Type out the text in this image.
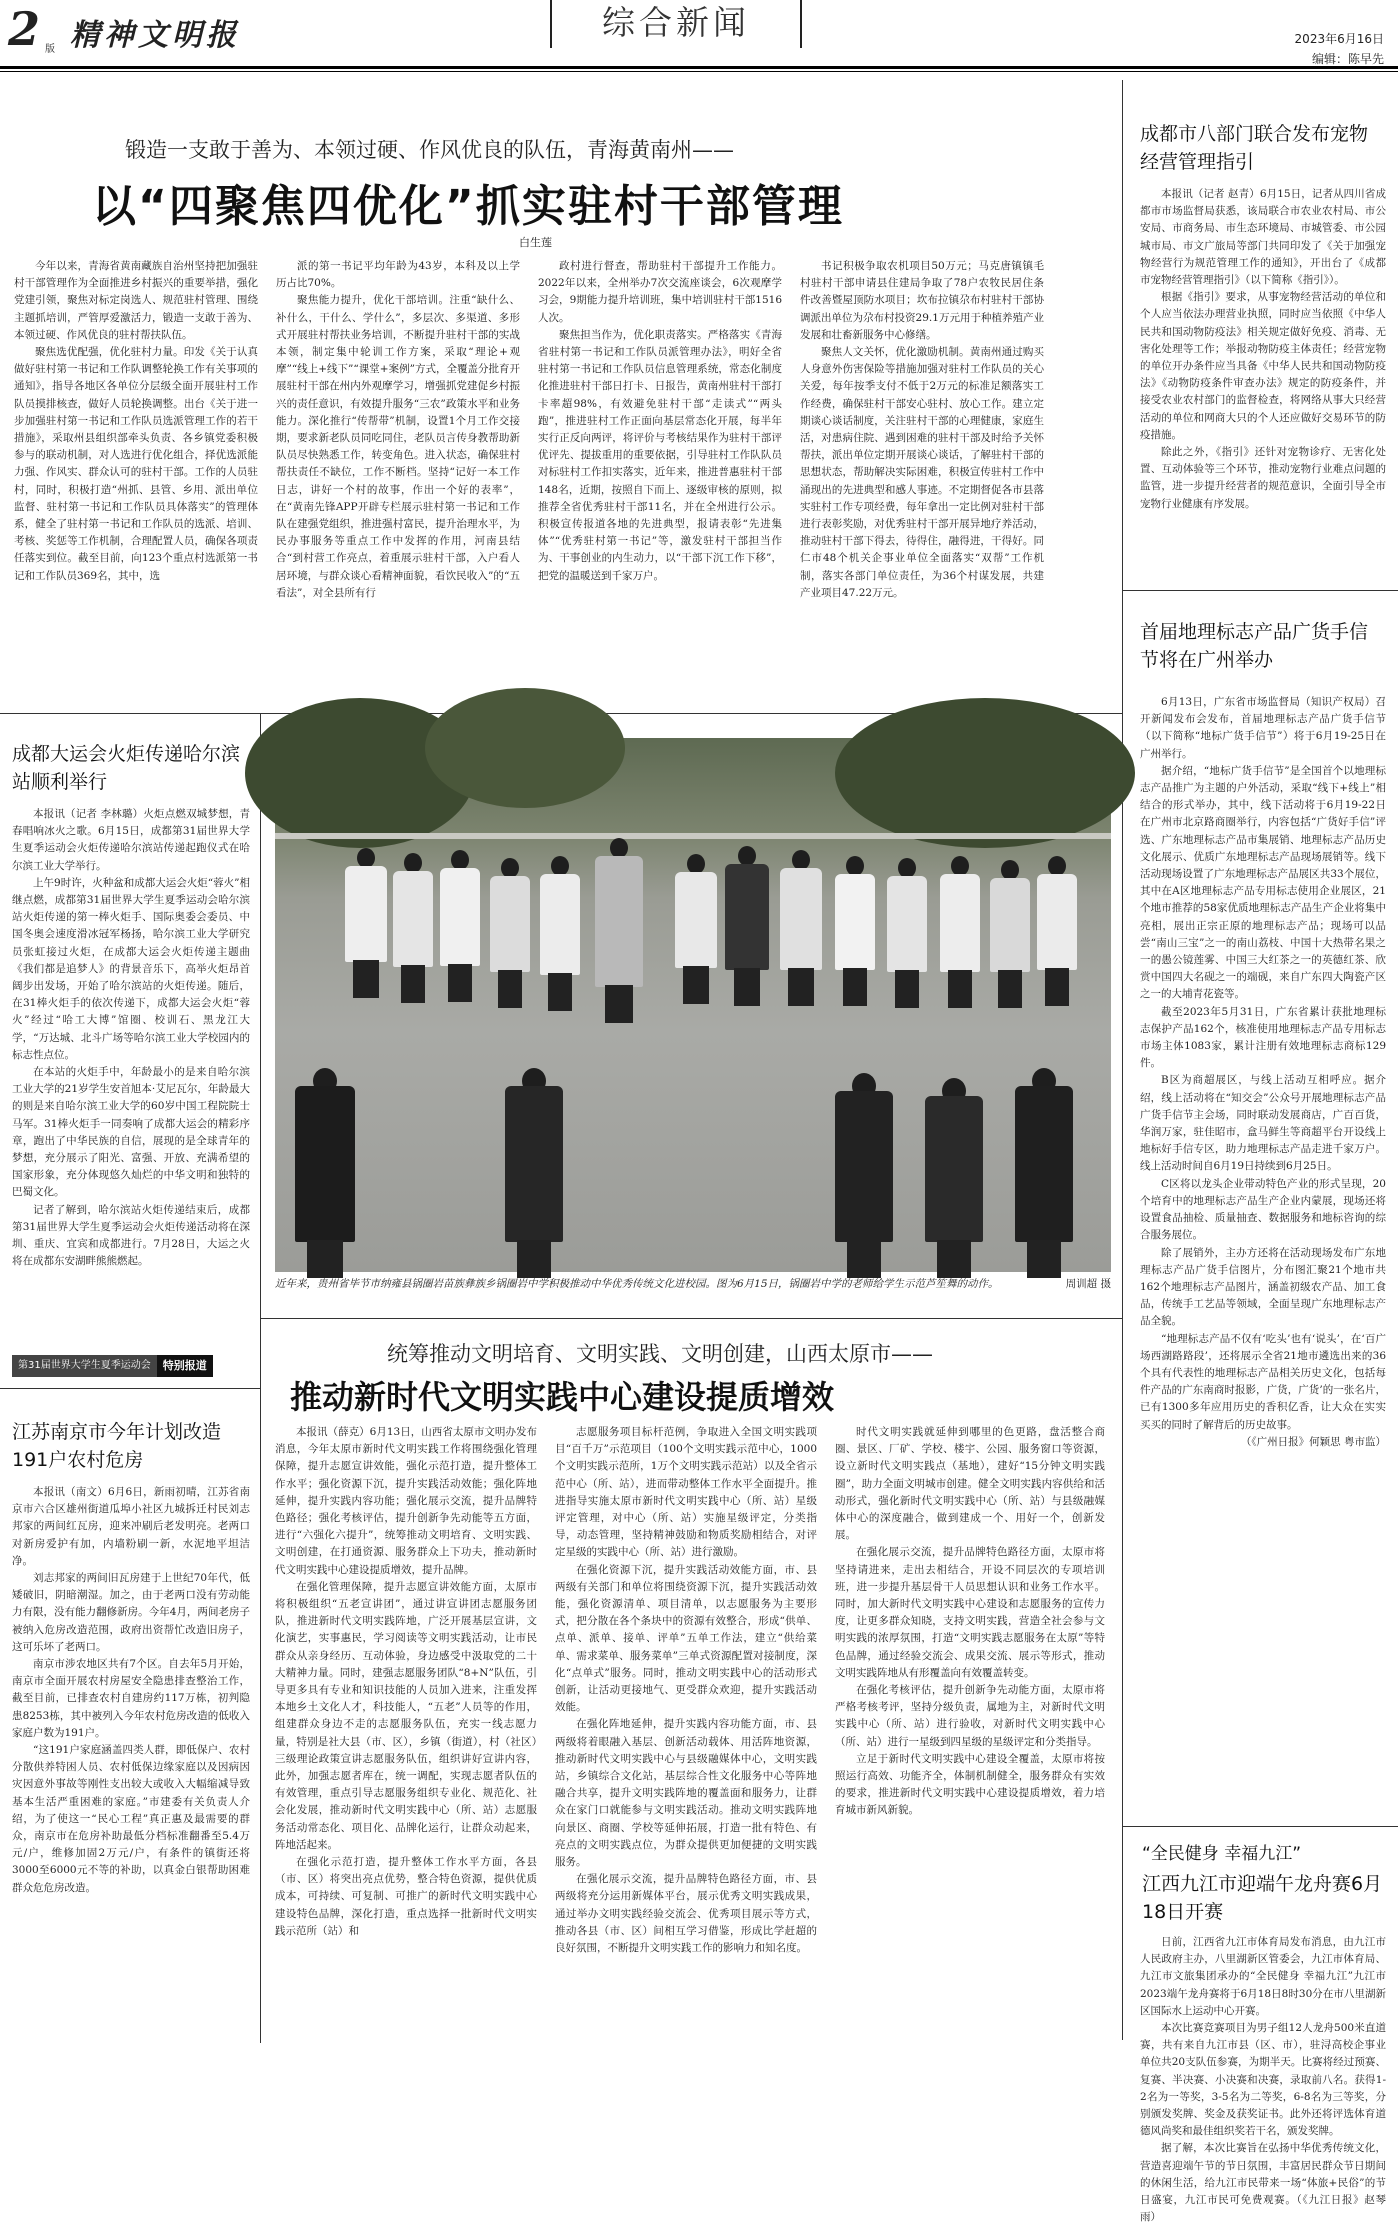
2 版 精神文明报	综合新闻	2023年6月16日
编辑：陈早先
锻造一支敢于善为、本领过硬、作风优良的队伍，青海黄南州——
以“四聚焦四优化”抓实驻村干部管理
白生莲

今年以来，青海省黄南藏族自治州坚持把加强驻村干部管理作为全面推进乡村振兴的重要举措，强化党建引领，聚焦对标定岗选人、规范驻村管理、围绕主题抓培训，严管厚爱激活力，锻造一支敢于善为、本领过硬、作风优良的驻村帮扶队伍。

聚焦选优配强，优化驻村力量。印发《关于认真做好驻村第一书记和工作队调整轮换工作有关事项的通知》，指导各地区各单位分层级全面开展驻村工作队员摸排核查，做好人员轮换调整。出台《关于进一步加强驻村第一书记和工作队员选派管理工作的若干措施》，采取州县组织部牵头负责、各乡镇党委积极参与的联动机制，对人选进行优化组合，择优选派能力强、作风实、群众认可的驻村干部。工作的人员驻村，同时，积极打造“州抓、县管、乡用、派出单位监督、驻村第一书记和工作队员具体落实”的管理体系，健全了驻村第一书记和工作队员的选派、培训、考核、奖惩等工作机制，合理配置人员，确保各项责任落实到位。截至目前，向123个重点村选派第一书记和工作队员369名，其中，选

派的第一书记平均年龄为43岁，本科及以上学历占比70%。

聚焦能力提升，优化干部培训。注重“缺什么、补什么，干什么、学什么”，多层次、多渠道、多形式开展驻村帮扶业务培训，不断提升驻村干部的实战本领，制定集中轮训工作方案，采取“理论+观摩”“线上+线下”“课堂+案例”方式，全覆盖分批育开展驻村干部在州内外观摩学习，增强抓党建促乡村振兴的责任意识，有效提升服务“三农”政策水平和业务能力。深化推行“传帮带”机制，设置1个月工作交接期，要求新老队员同吃同住，老队员言传身教帮助新队员尽快熟悉工作，转变角色。进入状态，确保驻村帮扶责任不缺位，工作不断档。坚持“记好一本工作日志，讲好一个村的故事，作出一个好的表率”，在“黄南先锋APP开辟专栏展示驻村第一书记和工作队在建强党组织，推进强村富民，提升治理水平，为民办事服务等重点工作中发挥的作用，河南县结合“到村营工作亮点，着重展示驻村干部，入户看人居环境，与群众谈心看精神面貌，看饮民收入”的“五看法”，对全县所有行

政村进行督查，帮助驻村干部提升工作能力。2022年以来，全州举办7次交流座谈会，6次观摩学习会，9期能力提升培训班，集中培训驻村干部1516人次。

聚焦担当作为，优化职责落实。严格落实《青海省驻村第一书记和工作队员派管理办法》，明好全省驻村第一书记和工作队员信息管理系统，常态化制度化推进驻村干部日打卡、日报告，黄南州驻村干部打卡率超98%，有效避免驻村干部“走读式”“两头跑”，推进驻村工作正面向基层常态化开展，每半年实行正反向两评，将评价与考核结果作为驻村干部评优评先、提拔重用的重要依据，引导驻村工作队队员对标驻村工作扣实落实，近年来，推进普惠驻村干部148名，近期，按照自下而上、逐级审核的原则，拟推荐全省优秀驻村干部11名，并在全州进行公示。积极宣传报道各地的先进典型，报请表彰“先进集体”“优秀驻村第一书记”等，激发驻村干部担当作为、干事创业的内生动力，以“干部下沉工作下移”，把党的温暖送到千家万户。

书记积极争取农机项目50万元；马克唐镇镇毛村驻村干部申请县住建局争取了78户农牧民居住条件改善暨屋顶防水项目；坎布拉镇尕布村驻村干部协调派出单位为尕布村投资29.1万元用于种植养殖产业发展和壮畜新服务中心修缮。

聚焦人文关怀，优化激励机制。黄南州通过购买人身意外伤害保险等措施加强对驻村工作队员的关心关爱，每年按季支付不低于2万元的标准足额落实工作经费，确保驻村干部安心驻村、放心工作。建立定期谈心谈话制度，关注驻村干部的心理健康，家庭生活，对患病住院、遇到困难的驻村干部及时给予关怀帮扶，派出单位定期开展谈心谈话，了解驻村干部的思想状态，帮助解决实际困难，积极宣传驻村工作中涌现出的先进典型和感人事迹。不定期督促各市县落实驻村工作专项经费，每年拿出一定比例对驻村干部进行表彰奖励，对优秀驻村干部开展异地疗养活动，推动驻村干部下得去，待得住，融得进，干得好。同仁市48个机关企事业单位全面落实“双帮”工作机制，落实各部门单位责任，为36个村谋发展，共建产业项目47.22万元。

成都市八部门联合发布宠物经营管理指引

本报讯（记者 赵青）6月15日，记者从四川省成都市市场监督局获悉，该局联合市农业农村局、市公安局、市商务局、市生态环境局、市城管委、市公园城市局、市文广旅局等部门共同印发了《关于加强宠物经营行为规范管理工作的通知》，开出台了《成都市宠物经营管理指引》（以下简称《指引》）。

根据《指引》要求，从事宠物经营活动的单位和个人应当依法办理营业执照，同时应当依照《中华人民共和国动物防疫法》相关规定做好免疫、消毒、无害化处理等工作；举报动物防疫主体责任；经营宠物的单位开办条件应当具备《中华人民共和国动物防疫法》《动物防疫条件审查办法》规定的防疫条件，并接受农业农村部门的监督检查，将网络从事大只经营活动的单位和网商大只的个人还应做好交易环节的防疫措施。

除此之外，《指引》还针对宠物诊疗、无害化处置、互动体验等三个环节，推动宠物行业难点问题的监管，进一步提升经营者的规范意识，全面引导全市宠物行业健康有序发展。

首届地理标志产品广货手信节将在广州举办

6月13日，广东省市场监督局（知识产权局）召开新闻发布会发布，首届地理标志产品广货手信节（以下简称“地标广货手信节”）将于6月19-25日在广州举行。

据介绍，“地标广货手信节”是全国首个以地理标志产品推广为主题的户外活动，采取“线下+线上”相结合的形式举办，其中，线下活动将于6月19-22日在广州市北京路商圈举行，内容包括“广货好手信”评选、广东地理标志产品市集展销、地理标志产品历史文化展示、优质广东地理标志产品现场展销等。线下活动现场设置了广东地理标志产品展区共33个展位，其中在A区地理标志产品专用标志使用企业展区，21个地市推荐的58家优质地理标志产品生产企业将集中亮相，展出正宗正原的地理标志产品；现场可以品尝“南山三宝”之一的南山荔枝、中国十大热带名果之一的愚公镜莲雾、中国三大红茶之一的英德红茶、欣赏中国四大名砚之一的端砚，来自广东四大陶瓷产区之一的大埔青花瓷等。

截至2023年5月31日，广东省累计获批地理标志保护产品162个，核准使用地理标志产品专用标志市场主体1083家，累计注册有效地理标志商标129件。

B区为商超展区，与线上活动互相呼应。据介绍，线上活动将在“知交会”公众号开展地理标志产品广货手信节主会场，同时联动发展商店，广百百货，华润万家，驻佳昭市，盒马鲜生等商超平台开设线上地标好手信专区，助力地理标志产品走进千家万户。线上活动时间自6月19日持续到6月25日。

C区将以龙头企业带动特色产业的形式呈现，20个培育中的地理标志产品生产企业内蒙展，现场还将设置食品抽检、质量抽查、数据服务和地标咨询的综合服务展位。

除了展销外，主办方还将在活动现场发布广东地理标志产品广货手信图片，分布图汇聚21个地市共162个地理标志产品图片，涵盖初级农产品、加工食品，传统手工艺品等领域，全面呈现广东地理标志产品全貌。

“地理标志产品不仅有‘吃头’也有‘说头’，在‘百广场西湖路路段’，还将展示全省21地市遴选出来的36个具有代表性的地理标志产品相关历史文化，包括每件产品的广东南商时报影，广货，广货’的一张名片，已有1300多年应用历史的香积亿香，让大众在实实买买的同时了解背后的历史故事。

（《广州日报》何颖思 粤市监）

“全民健身 幸福九江”
江西九江市迎端午龙舟赛6月18日开赛

日前，江西省九江市体育局发布消息，由九江市人民政府主办，八里湖新区管委会，九江市体育局、九江市文旅集团承办的“全民健身 幸福九江”九江市2023端午龙舟赛将于6月18日8时30分在市八里湖新区国际水上运动中心开赛。

本次比赛竞赛项目为男子组12人龙舟500米直道赛，共有来自九江市县（区、市），驻浔高校企事业单位共20支队伍参赛，为期半天。比赛将经过预赛、复赛、半决赛、小决赛和决赛，录取前八名。获得1-2名为一等奖，3-5名为二等奖，6-8名为三等奖，分别颁发奖牌、奖金及获奖证书。此外还将评选体育道德风尚奖和最佳组织奖若干名，颁发奖牌。

据了解，本次比赛旨在弘扬中华优秀传统文化，营造喜迎端午节的节日氛围，丰富居民群众节日期间的休闲生活，给九江市民带来一场“体旅+民俗”的节日盛宴，九江市民可免费观赛。（《九江日报》赵琴雨）

成都大运会火炬传递哈尔滨站顺利举行

本报讯（记者 李林璐）火炬点燃双城梦想，青春唱响冰火之歌。6月15日，成都第31届世界大学生夏季运动会火炬传递哈尔滨站传递起跑仪式在哈尔滨工业大学举行。

上午9时许，火种盆和成都大运会火炬“蓉火”相继点燃，成都第31届世界大学生夏季运动会哈尔滨站火炬传递的第一棒火炬手、国际奥委会委员、中国冬奥会速度滑冰冠军杨扬，哈尔滨工业大学研究员张虹接过火炬，在成都大运会火炬传递主题曲《我们都是追梦人》的背景音乐下，高举火炬昂首阔步出发场，开始了哈尔滨站的火炬传递。随后，在31棒火炬手的依次传递下，成都大运会火炬“蓉火”经过“哈工大博”馆圈、校训石、黑龙江大学，“万达城、北斗广场等哈尔滨工业大学校园内的标志性点位。

在本站的火炬手中，年龄最小的是来自哈尔滨工业大学的21岁学生安首旭本·艾尼瓦尔，年龄最大的则是来自哈尔滨工业大学的60岁中国工程院院士马军。31棒火炬手一同奏响了成都大运会的精彩序章，跑出了中华民族的自信，展现的是全球青年的梦想，充分展示了阳光、富强、开放、充满希望的国家形象，充分体现悠久灿烂的中华文明和独特的巴蜀文化。

记者了解到，哈尔滨站火炬传递结束后，成都第31届世界大学生夏季运动会火炬传递活动将在深圳、重庆、宜宾和成都进行。7月28日，大运之火将在成都东安湖畔熊熊燃起。

第31届世界大学生夏季运动会	特别报道
江苏南京市今年计划改造191户农村危房

本报讯（南文）6月6日，新雨初晴，江苏省南京市六合区雄州街道瓜埠小社区九城拆迁村民刘志邦家的两间红瓦房，迎来冲刷后老发明亮。老两口对新房爱护有加，内墙粉刷一新，水泥地平坦洁净。

刘志邦家的两间旧瓦房建于上世纪70年代，低矮破旧，阴暗潮湿。加之，由于老两口没有劳动能力有限，没有能力翻修新房。今年4月，两间老房子被纳入危房改造范围，政府出资帮忙改造旧房子，这可乐坏了老两口。

南京市涉农地区共有7个区。自去年5月开始，南京市全面开展农村房屋安全隐患排查整治工作，截至目前，已排查农村自建房约117万栋，初判隐患8253栋，其中被列入今年农村危房改造的低收入家庭户数为191户。

“这191户家庭涵盖四类人群，即低保户、农村分散供养特困人员、农村低保边缘家庭以及因病因灾因意外事故等刚性支出较大或收入大幅缩减导致基本生活严重困难的家庭。”市建委有关负责人介绍，为了使这一“民心工程”真正惠及最需要的群众，南京市在危房补助最低分档标准翻番至5.4万元/户，维修加固2万元/户，有条件的镇街还将3000至6000元不等的补助，以真金白银帮助困难群众危危房改造。

近年来，贵州省毕节市纳雍县锅圈岩苗族彝族乡锅圈岩中学积极推动中华优秀传统文化进校园。图为6月15日，锅圈岩中学的老师给学生示范芦笙舞的动作。	周训超 摄
统筹推动文明培育、文明实践、文明创建，山西太原市——
推动新时代文明实践中心建设提质增效

本报讯（薛克）6月13日，山西省太原市文明办发布消息，今年太原市新时代文明实践工作将围绕强化管理保障，提升志愿宣讲效能，强化示范打造，提升整体工作水平；强化资源下沉，提升实践活动效能；强化阵地延伸，提升实践内容功能；强化展示交流，提升品牌特色路径；强化考核评估，提升创新争先动能等五方面，进行“六强化六提升”，统筹推动文明培育、文明实践、文明创建，在打通资源、服务群众上下功夫，推动新时代文明实践中心建设提质增效，提升品牌。

在强化管理保障，提升志愿宣讲效能方面，太原市将积极组织“五老宣讲团”，通过讲宣讲团志愿服务团队，推进新时代文明实践阵地，广泛开展基层宣讲，文化演艺，实事惠民，学习阅读等文明实践活动，让市民群众从亲身经历、互动体验，身边感受中汲取党的二十大精神力量。同时，建强志愿服务团队“8+N”队伍，引导更多具有专业和知识技能的人员加入进来，注重发挥本地乡土文化人才，科技能人，“五老”人员等的作用，组建群众身边不走的志愿服务队伍，充实一线志愿力量，特别是社大县（市、区），乡镇（街道），村（社区）三级理论政策宣讲志愿服务队伍，组织讲好宣讲内容，此外，加强志愿者库在，统一调配，实现志愿者队伍的有效管理，重点引导志愿服务组织专业化、规范化、社会化发展，推动新时代文明实践中心（所、站）志愿服务活动常态化、项目化、品牌化运行，让群众动起来，阵地活起来。

在强化示范打造，提升整体工作水平方面，各县（市、区）将突出亮点优势，整合特色资源，提供优质成本，可持续、可复制、可推广的新时代文明实践中心建设特色品牌，深化打造，重点选择一批新时代文明实践示范所（站）和

志愿服务项目标杆范例，争取进入全国文明实践项目“百千万”示范项目（100个文明实践示范中心，1000个文明实践示范所，1万个文明实践示范站）以及全省示范中心（所、站），进而带动整体工作水平全面提升。推进指导实施太原市新时代文明实践中心（所、站）星级评定管理，对中心（所、站）实施星级评定，分类指导，动态管理，坚持精神鼓励和物质奖励相结合，对评定星级的实践中心（所、站）进行激励。

在强化资源下沉，提升实践活动效能方面，市、县两级有关部门和单位将围绕资源下沉，提升实践活动效能，强化资源清单、项目清单，以志愿服务为主要形式，把分散在各个条块中的资源有效整合，形成“供单、点单、派单、接单、评单”五单工作法，建立“供给菜单、需求菜单、服务菜单”三单式资源配置对接制度，深化“点单式”服务。同时，推动文明实践中心的活动形式创新，让活动更接地气、更受群众欢迎，提升实践活动效能。

在强化阵地延伸，提升实践内容功能方面，市、县两级将着眼融入基层、创新活动载体、用活阵地资源，推动新时代文明实践中心与县级融媒体中心，文明实践站，乡镇综合文化站，基层综合性文化服务中心等阵地融合共享，提升文明实践阵地的覆盖面和服务力，让群众在家门口就能参与文明实践活动。推动文明实践阵地向景区、商圈、学校等延伸拓展，打造一批有特色、有亮点的文明实践点位，为群众提供更加便捷的文明实践服务。

在强化展示交流，提升品牌特色路径方面，市、县两级将充分运用新媒体平台，展示优秀文明实践成果，通过举办文明实践经验交流会、优秀项目展示等方式，推动各县（市、区）间相互学习借鉴，形成比学赶超的良好氛围，不断提升文明实践工作的影响力和知名度。

时代文明实践就延伸到哪里的色更路，盘活整合商圈、景区、厂矿、学校、楼宇、公园、服务窗口等资源，设立新时代文明实践点（基地），建好“15分钟文明实践圈”，助力全面文明城市创建。健全文明实践内容供给和活动形式，强化新时代文明实践中心（所、站）与县级融媒体中心的深度融合，做到建成一个、用好一个，创新发展。

在强化展示交流，提升品牌特色路径方面，太原市将坚持请进来，走出去相结合，开设不同层次的专项培训班，进一步提升基层骨干人员思想认识和业务工作水平。同时，加大新时代文明实践中心建设和志愿服务的宣传力度，让更多群众知晓，支持文明实践，营造全社会参与文明实践的浓厚氛围，打造“文明实践志愿服务在太原”等特色品牌，通过经验交流会、成果交流、展示等形式，推动文明实践阵地从有形覆盖向有效覆盖转变。

在强化考核评估，提升创新争先动能方面，太原市将严格考核考评，坚持分级负责，属地为主，对新时代文明实践中心（所、站）进行验收，对新时代文明实践中心（所、站）进行一星级到四星级的星级评定和分类指导。

立足于新时代文明实践中心建设全覆盖，太原市将按照运行高效、功能齐全，体制机制健全，服务群众有实效的要求，推进新时代文明实践中心建设提质增效，着力培育城市新风新貌。
